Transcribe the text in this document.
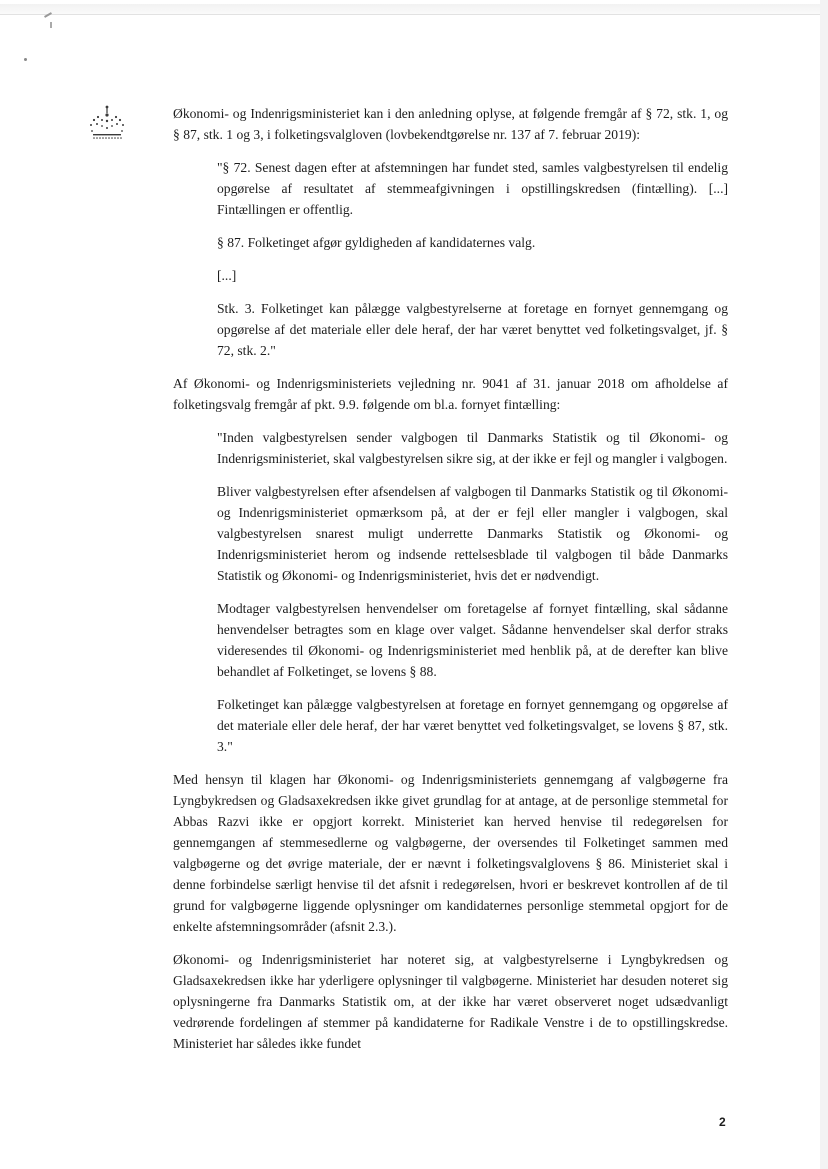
Økonomi- og Indenrigsministeriet kan i den anledning oplyse, at følgende fremgår af § 72, stk. 1, og § 87, stk. 1 og 3, i folketingsvalgloven (lovbekendtgørelse nr. 137 af 7. februar 2019):

"§ 72. Senest dagen efter at afstemningen har fundet sted, samles valgbestyrelsen til endelig opgørelse af resultatet af stemmeafgivningen i opstillingskredsen (fintælling). [...] Fintællingen er offentlig.

§ 87. Folketinget afgør gyldigheden af kandidaternes valg.

[...]

Stk. 3. Folketinget kan pålægge valgbestyrelserne at foretage en fornyet gennemgang og opgørelse af det materiale eller dele heraf, der har været benyttet ved folketingsvalget, jf. § 72, stk. 2."

Af Økonomi- og Indenrigsministeriets vejledning nr. 9041 af 31. januar 2018 om afholdelse af folketingsvalg fremgår af pkt. 9.9. følgende om bl.a. fornyet fintælling:

"Inden valgbestyrelsen sender valgbogen til Danmarks Statistik og til Økonomi- og Indenrigsministeriet, skal valgbestyrelsen sikre sig, at der ikke er fejl og mangler i valgbogen.

Bliver valgbestyrelsen efter afsendelsen af valgbogen til Danmarks Statistik og til Økonomi- og Indenrigsministeriet opmærksom på, at der er fejl eller mangler i valgbogen, skal valgbestyrelsen snarest muligt underrette Danmarks Statistik og Økonomi- og Indenrigsministeriet herom og indsende rettelsesblade til valgbogen til både Danmarks Statistik og Økonomi- og Indenrigsministeriet, hvis det er nødvendigt.

Modtager valgbestyrelsen henvendelser om foretagelse af fornyet fintælling, skal sådanne henvendelser betragtes som en klage over valget. Sådanne henvendelser skal derfor straks videresendes til Økonomi- og Indenrigsministeriet med henblik på, at de derefter kan blive behandlet af Folketinget, se lovens § 88.

Folketinget kan pålægge valgbestyrelsen at foretage en fornyet gennemgang og opgørelse af det materiale eller dele heraf, der har været benyttet ved folketingsvalget, se lovens § 87, stk. 3."

Med hensyn til klagen har Økonomi- og Indenrigsministeriets gennemgang af valgbøgerne fra Lyngbykredsen og Gladsaxekredsen ikke givet grundlag for at antage, at de personlige stemmetal for Abbas Razvi ikke er opgjort korrekt. Ministeriet kan herved henvise til redegørelsen for gennemgangen af stemmesedlerne og valgbøgerne, der oversendes til Folketinget sammen med valgbøgerne og det øvrige materiale, der er nævnt i folketingsvalglovens § 86. Ministeriet skal i denne forbindelse særligt henvise til det afsnit i redegørelsen, hvori er beskrevet kontrollen af de til grund for valgbøgerne liggende oplysninger om kandidaternes personlige stemmetal opgjort for de enkelte afstemningsområder (afsnit 2.3.).

Økonomi- og Indenrigsministeriet har noteret sig, at valgbestyrelserne i Lyngbykredsen og Gladsaxekredsen ikke har yderligere oplysninger til valgbøgerne. Ministeriet har desuden noteret sig oplysningerne fra Danmarks Statistik om, at der ikke har været observeret noget udsædvanligt vedrørende fordelingen af stemmer på kandidaterne for Radikale Venstre i de to opstillingskredse. Ministeriet har således ikke fundet

2
